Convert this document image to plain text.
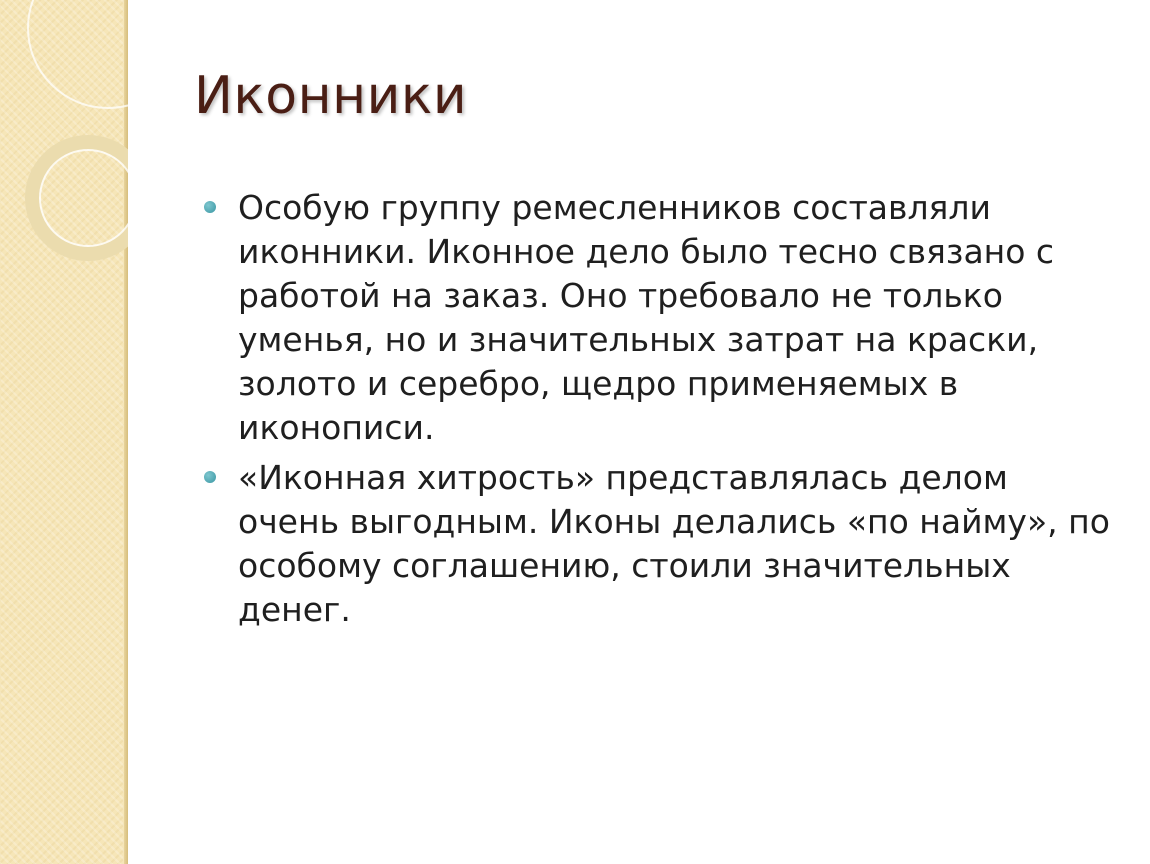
Иконники
Особую группу ремесленников составляли иконники. Иконное дело было тесно связано с работой на заказ. Оно требовало не только уменья, но и значительных затрат на краски, золото и серебро, щедро применяемых в иконописи.
«Иконная хитрость» представлялась делом очень выгодным. Иконы делались «по найму», по особому соглашению, стоили значительных денег.
